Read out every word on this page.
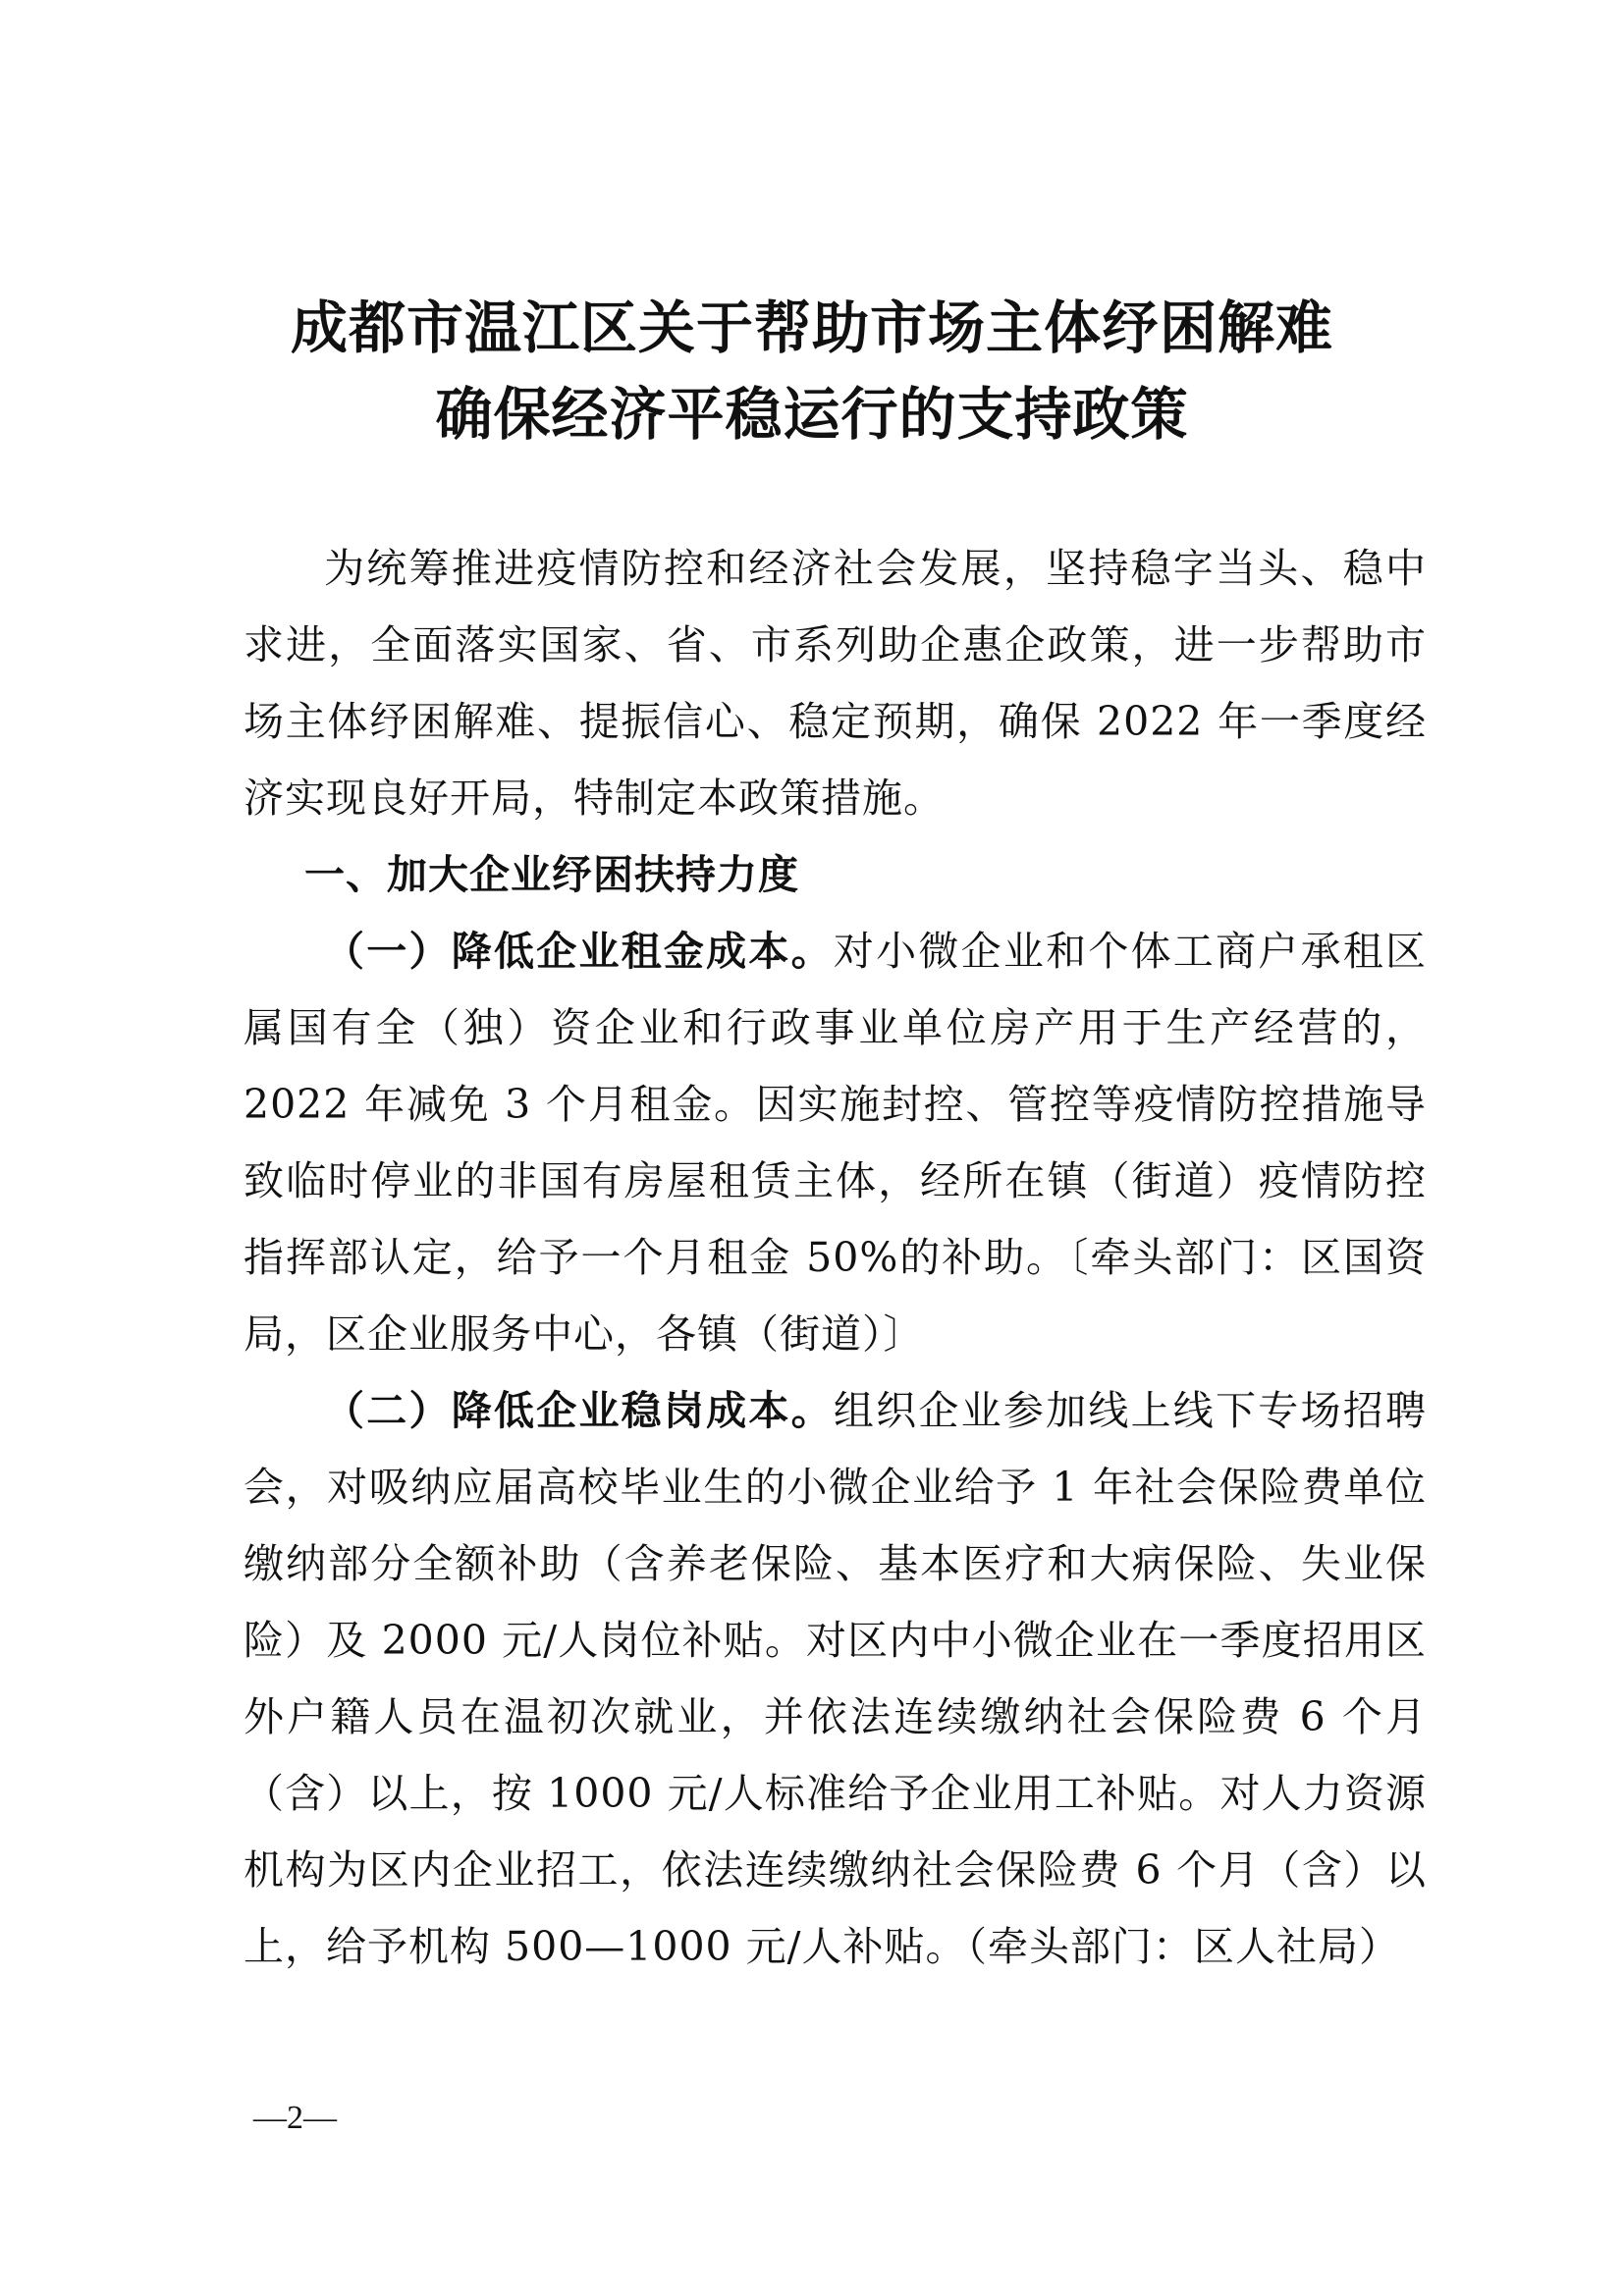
成都市温江区关于帮助市场主体纾困解难
确保经济平稳运行的支持政策

为统筹推进疫情防控和经济社会发展，坚持稳字当头、稳中求进，全面落实国家、省、市系列助企惠企政策，进一步帮助市场主体纾困解难、提振信心、稳定预期，确保 2022 年一季度经济实现良好开局，特制定本政策措施。

一、加大企业纾困扶持力度

（一）降低企业租金成本。对小微企业和个体工商户承租区属国有全（独）资企业和行政事业单位房产用于生产经营的，2022 年减免 3 个月租金。因实施封控、管控等疫情防控措施导致临时停业的非国有房屋租赁主体，经所在镇（街道）疫情防控指挥部认定，给予一个月租金 50%的补助。〔牵头部门：区国资局，区企业服务中心，各镇（街道）〕

（二）降低企业稳岗成本。组织企业参加线上线下专场招聘会，对吸纳应届高校毕业生的小微企业给予 1 年社会保险费单位缴纳部分全额补助（含养老保险、基本医疗和大病保险、失业保险）及 2000 元/人岗位补贴。对区内中小微企业在一季度招用区外户籍人员在温初次就业，并依法连续缴纳社会保险费 6 个月（含）以上，按 1000 元/人标准给予企业用工补贴。对人力资源机构为区内企业招工，依法连续缴纳社会保险费 6 个月（含）以上，给予机构 500—1000 元/人补贴。（牵头部门：区人社局）

—2—
